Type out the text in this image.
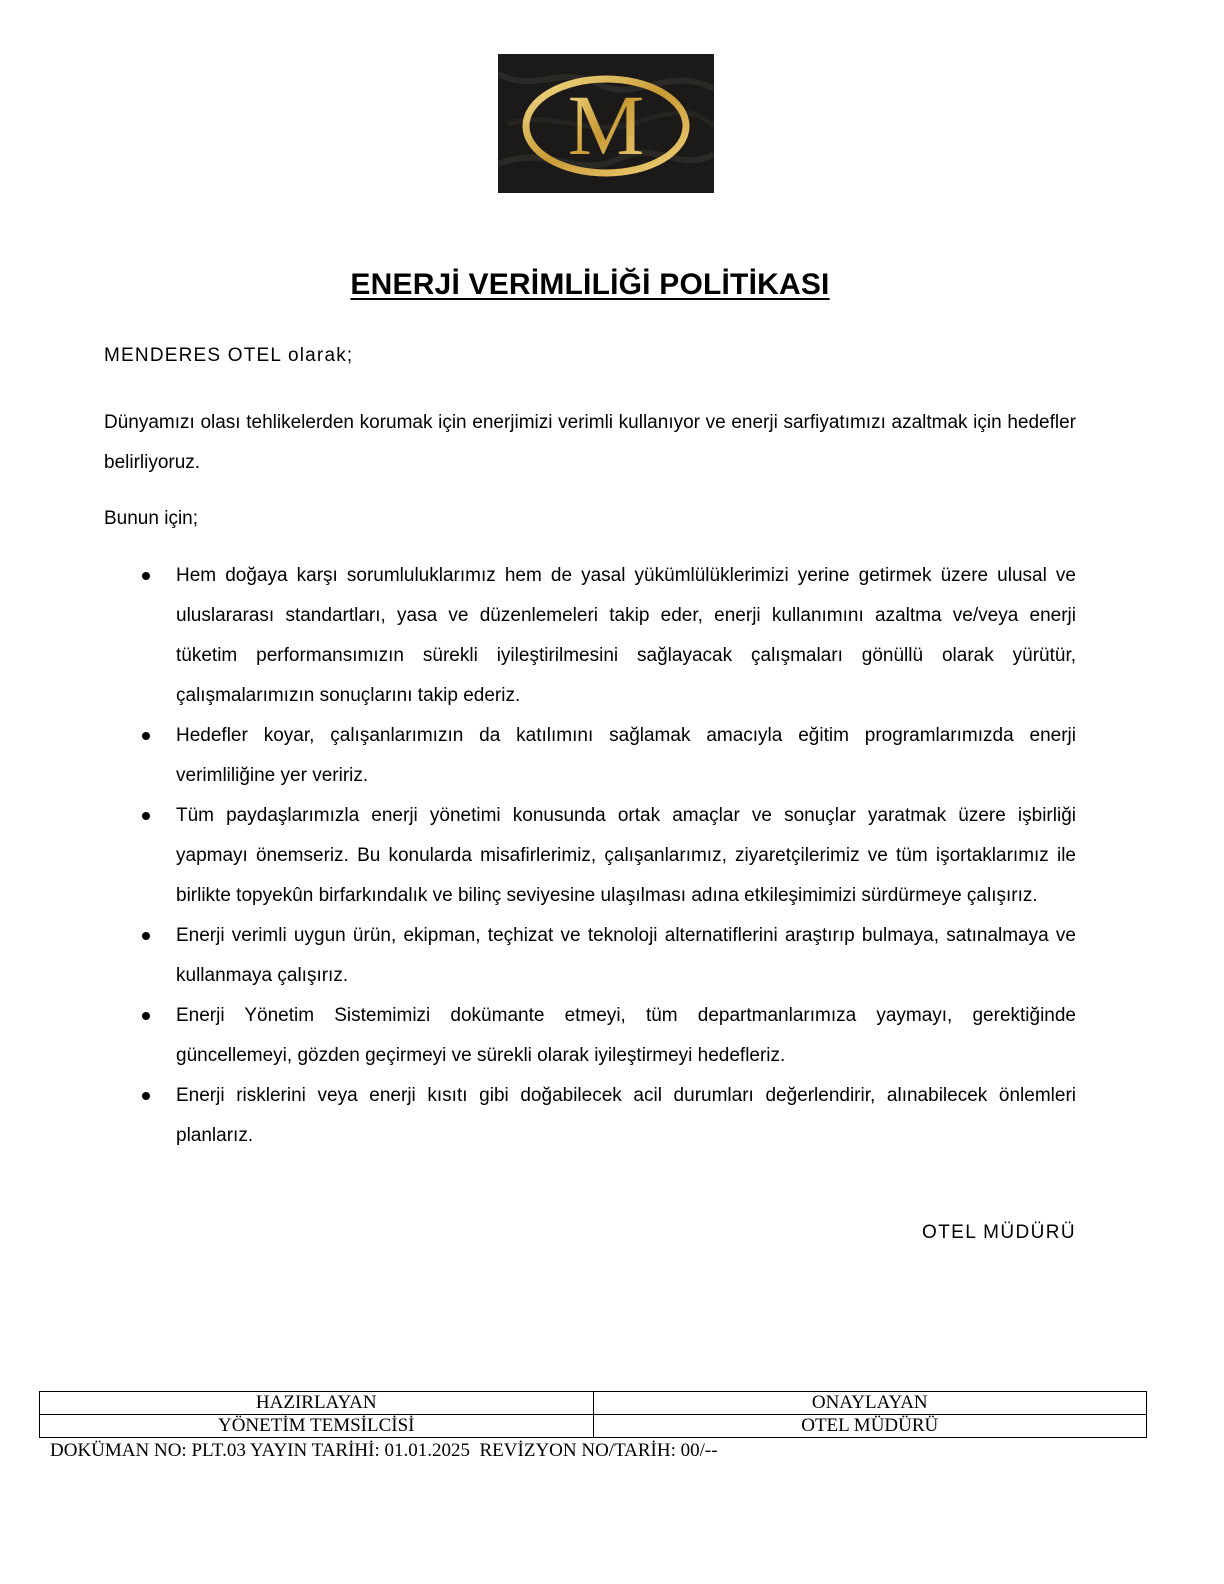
M
ENERJİ VERİMLİLİĞİ POLİTİKASI
MENDERES OTEL olarak;

Dünyamızı olası tehlikelerden korumak için enerjimizi verimli kullanıyor ve enerji sarfiyatımızı azaltmak için hedefler belirliyoruz.

Bunun için;

Hem doğaya karşı sorumluluklarımız hem de yasal yükümlülüklerimizi yerine getirmek üzere ulusal ve uluslararası standartları, yasa ve düzenlemeleri takip eder, enerji kullanımını azaltma ve/veya enerji tüketim performansımızın sürekli iyileştirilmesini sağlayacak çalışmaları gönüllü olarak yürütür, çalışmalarımızın sonuçlarını takip ederiz.
Hedefler koyar, çalışanlarımızın da katılımını sağlamak amacıyla eğitim programlarımızda enerji verimliliğine yer veririz.
Tüm paydaşlarımızla enerji yönetimi konusunda ortak amaçlar ve sonuçlar yaratmak üzere işbirliği yapmayı önemseriz. Bu konularda misafirlerimiz, çalışanlarımız, ziyaretçilerimiz ve tüm işortaklarımız ile birlikte topyekûn birfarkındalık ve bilinç seviyesine ulaşılması adına etkileşimimizi sürdürmeye çalışırız.
Enerji verimli uygun ürün, ekipman, teçhizat ve teknoloji alternatiflerini araştırıp bulmaya, satınalmaya ve kullanmaya çalışırız.
Enerji Yönetim Sistemimizi dokümante etmeyi, tüm departmanlarımıza yaymayı, gerektiğinde güncellemeyi, gözden geçirmeyi ve sürekli olarak iyileştirmeyi hedefleriz.
Enerji risklerini veya enerji kısıtı gibi doğabilecek acil durumları değerlendirir, alınabilecek önlemleri planlarız.
OTEL MÜDÜRÜ
HAZIRLAYAN	ONAYLAYAN
YÖNETİM TEMSİLCİSİ	OTEL MÜDÜRÜ
DOKÜMAN NO: PLT.03 YAYIN TARİHİ: 01.01.2025  REVİZYON NO/TARİH: 00/--
